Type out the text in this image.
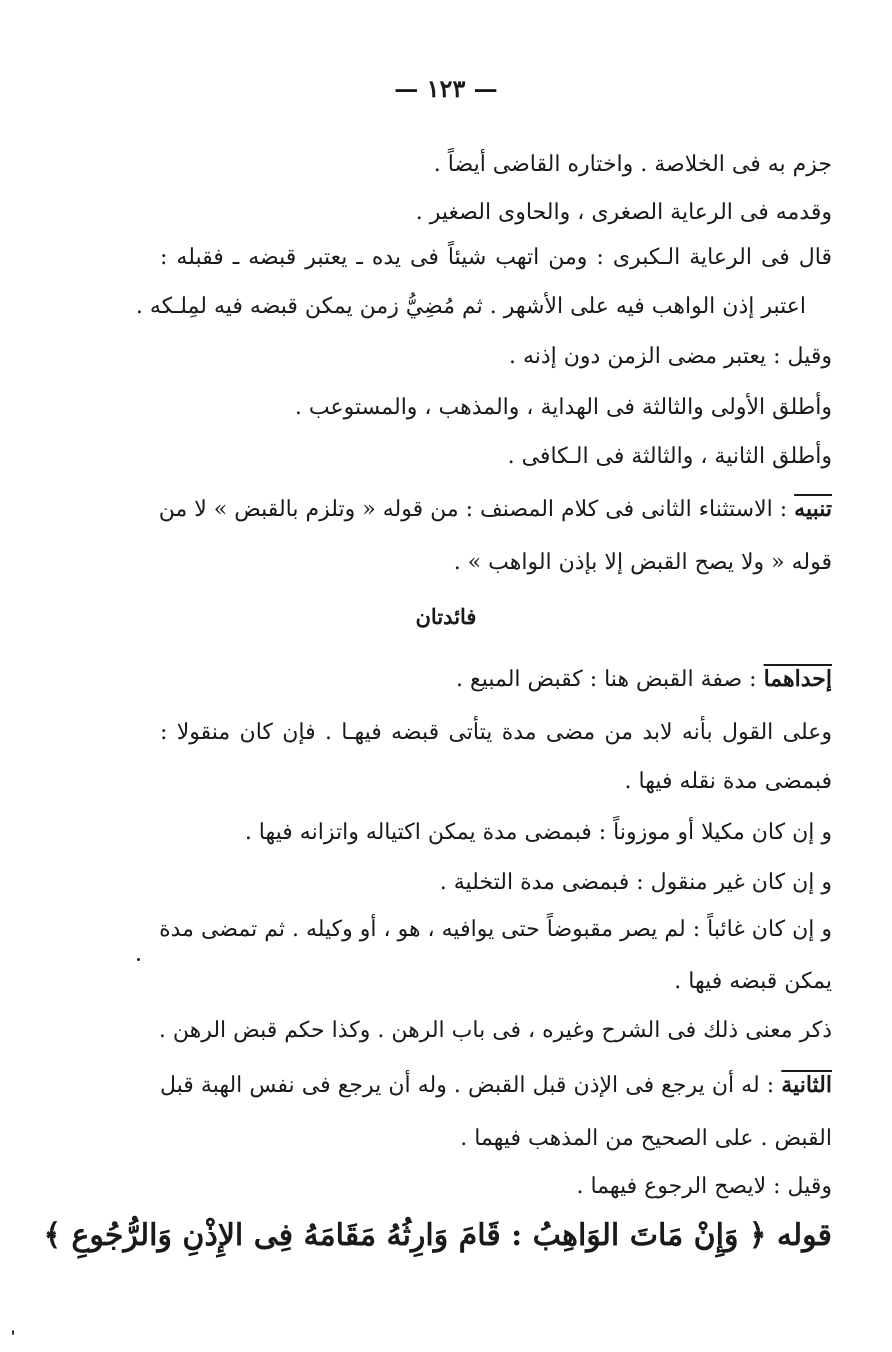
— ١٢٣ —
جزم به فى الخلاصة . واختاره القاضى أيضاً .
وقدمه فى الرعاية الصغرى ، والحاوى الصغير .
قال فى الرعاية الـكبرى : ومن اتهب شيئاً فى يده ـ يعتبر قبضه ـ فقبله :
اعتبر إذن الواهب فيه على الأشهر . ثم مُضِيُّ زمن يمكن قبضه فيه لمِلـكه .
وقيل : يعتبر مضى الزمن دون إذنه .
وأطلق الأولى والثالثة فى الهداية ، والمذهب ، والمستوعب .
وأطلق الثانية ، والثالثة فى الـكافى .
تنبيه : الاستثناء الثانى فى كلام المصنف : من قوله « وتلزم بالقبض » لا من
قوله « ولا يصح القبض إلا بإذن الواهب » .
فائدتان
إحداهما : صفة القبض هنا : كقبض المبيع .
وعلى القول بأنه لابد من مضى مدة يتأتى قبضه فيهـا . فإن كان منقولا :
فبمضى مدة نقله فيها .
و إن كان مكيلا أو موزوناً : فبمضى مدة يمكن اكتياله واتزانه فيها .
و إن كان غير منقول : فبمضى مدة التخلية .
و إن كان غائباً : لم يصر مقبوضاً حتى يوافيه ، هو ، أو وكيله . ثم تمضى مدة
يمكن قبضه فيها .
ذكر معنى ذلك فى الشرح وغيره ، فى باب الرهن . وكذا حكم قبض الرهن .
الثانية : له أن يرجع فى الإذن قبل القبض . وله أن يرجع فى نفس الهبة قبل
القبض . على الصحيح من المذهب فيهما .
وقيل : لايصح الرجوع فيهما .
قوله ﴿ وَإِنْ مَاتَ الوَاهِبُ : قَامَ وَارِثُهُ مَقَامَهُ فِى الإِذْنِ وَالرُّجُوعِ ﴾
